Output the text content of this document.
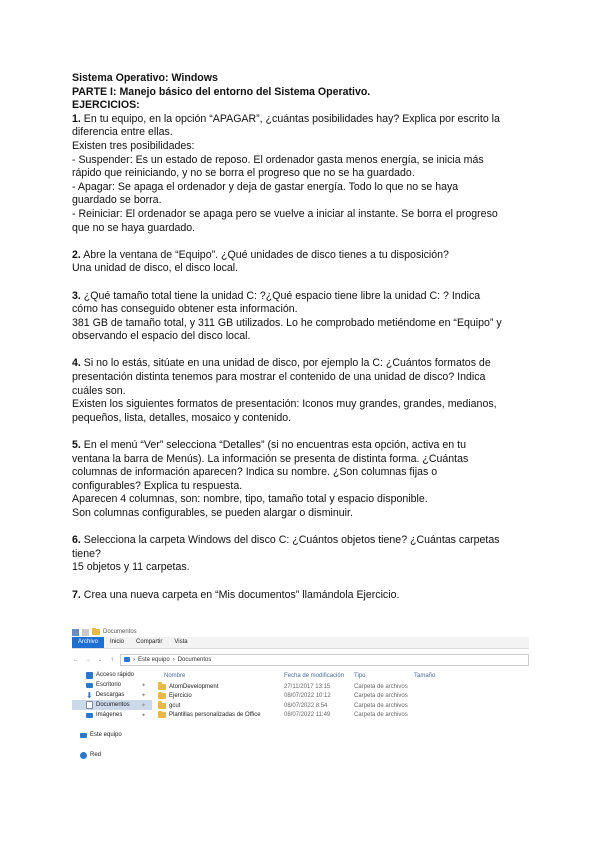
Sistema Operativo: Windows
PARTE I: Manejo básico del entorno del Sistema Operativo.
EJERCICIOS:
1. En tu equipo, en la opción “APAGAR”, ¿cuántas posibilidades hay? Explica por escrito la
diferencia entre ellas.
Existen tres posibilidades:
- Suspender: Es un estado de reposo. El ordenador gasta menos energía, se inicia más
rápido que reiniciando, y no se borra el progreso que no se ha guardado.
- Apagar: Se apaga el ordenador y deja de gastar energía. Todo lo que no se haya
guardado se borra.
- Reiniciar: El ordenador se apaga pero se vuelve a iniciar al instante. Se borra el progreso
que no se haya guardado.
2. Abre la ventana de “Equipo”. ¿Qué unidades de disco tienes a tu disposición?
Una unidad de disco, el disco local.
3. ¿Qué tamaño total tiene la unidad C: ?¿Qué espacio tiene libre la unidad C: ? Indica
cómo has conseguido obtener esta información.
381 GB de tamaño total, y 311 GB utilizados. Lo he comprobado metiéndome en “Equipo” y
observando el espacio del disco local.
4. Si no lo estás, sitúate en una unidad de disco, por ejemplo la C: ¿Cuántos formatos de
presentación distinta tenemos para mostrar el contenido de una unidad de disco? Indica
cuáles son.
Existen los siguientes formatos de presentación: Iconos muy grandes, grandes, medianos,
pequeños, lista, detalles, mosaico y contenido.
5. En el menú “Ver” selecciona “Detalles” (si no encuentras esta opción, activa en tu
ventana la barra de Menús). La información se presenta de distinta forma. ¿Cuántas
columnas de información aparecen? Indica su nombre. ¿Son columnas fijas o
configurables? Explica tu respuesta.
Aparecen 4 columnas, son: nombre, tipo, tamaño total y espacio disponible.
Son columnas configurables, se pueden alargar o disminuir.
6. Selecciona la carpeta Windows del disco C: ¿Cuántos objetos tiene? ¿Cuántas carpetas
tiene?
15 objetos y 11 carpetas.
7. Crea una nueva carpeta en “Mis documentos” llamándola Ejercicio.
Documentos
Archivo	Inicio	Compartir	Vista
← → ⌄	↑	› Este equipo › Documentos
Acceso rápido
Escritorio	✦
⬇ Descargas	✦
Documentos ✦
Imágenes	✦
Este equipo
Red
Nombre	Fecha de modificación	Tipo	Tamaño
AtomDevelopment	27/11/2017 13:15	Carpeta de archivos
Ejercicio	08/07/2022 10:12	Carpeta de archivos
gcut	08/07/2022 8:54	Carpeta de archivos
Plantillas personalizadas de Office	08/07/2022 11:49	Carpeta de archivos
